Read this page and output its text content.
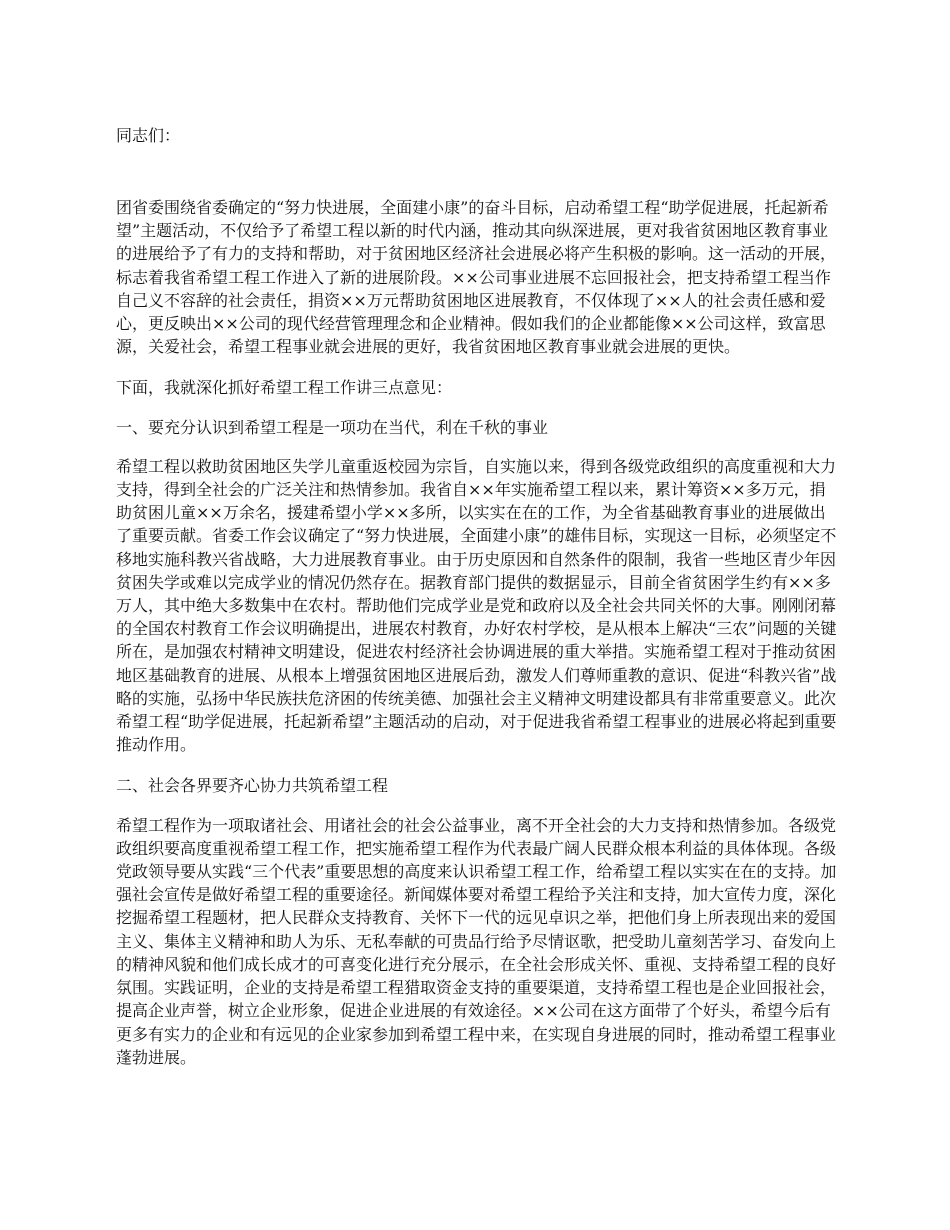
同志们：

团省委围绕省委确定的“努力快进展，全面建小康”的奋斗目标，启动希望工程“助学促进展，托起新希望”主题活动，不仅给予了希望工程以新的时代内涵，推动其向纵深进展，更对我省贫困地区教育事业的进展给予了有力的支持和帮助，对于贫困地区经济社会进展必将产生积极的影响。这一活动的开展，标志着我省希望工程工作进入了新的进展阶段。××公司事业进展不忘回报社会，把支持希望工程当作自己义不容辞的社会责任，捐资××万元帮助贫困地区进展教育，不仅体现了××人的社会责任感和爱心，更反映出××公司的现代经营管理理念和企业精神。假如我们的企业都能像××公司这样，致富思源，关爱社会，希望工程事业就会进展的更好，我省贫困地区教育事业就会进展的更快。

下面，我就深化抓好希望工程工作讲三点意见：

一、要充分认识到希望工程是一项功在当代，利在千秋的事业

希望工程以救助贫困地区失学儿童重返校园为宗旨，自实施以来，得到各级党政组织的高度重视和大力支持，得到全社会的广泛关注和热情参加。我省自××年实施希望工程以来，累计筹资××多万元，捐助贫困儿童××万余名，援建希望小学××多所，以实实在在的工作，为全省基础教育事业的进展做出了重要贡献。省委工作会议确定了“努力快进展，全面建小康”的雄伟目标，实现这一目标，必须坚定不移地实施科教兴省战略，大力进展教育事业。由于历史原因和自然条件的限制，我省一些地区青少年因贫困失学或难以完成学业的情况仍然存在。据教育部门提供的数据显示，目前全省贫困学生约有××多万人，其中绝大多数集中在农村。帮助他们完成学业是党和政府以及全社会共同关怀的大事。刚刚闭幕的全国农村教育工作会议明确提出，进展农村教育，办好农村学校，是从根本上解决“三农”问题的关键所在，是加强农村精神文明建设，促进农村经济社会协调进展的重大举措。实施希望工程对于推动贫困地区基础教育的进展、从根本上增强贫困地区进展后劲，激发人们尊师重教的意识、促进“科教兴省”战略的实施，弘扬中华民族扶危济困的传统美德、加强社会主义精神文明建设都具有非常重要意义。此次希望工程“助学促进展，托起新希望”主题活动的启动，对于促进我省希望工程事业的进展必将起到重要推动作用。

二、社会各界要齐心协力共筑希望工程

希望工程作为一项取诸社会、用诸社会的社会公益事业，离不开全社会的大力支持和热情参加。各级党政组织要高度重视希望工程工作，把实施希望工程作为代表最广阔人民群众根本利益的具体体现。各级党政领导要从实践“三个代表”重要思想的高度来认识希望工程工作，给希望工程以实实在在的支持。加强社会宣传是做好希望工程的重要途径。新闻媒体要对希望工程给予关注和支持，加大宣传力度，深化挖掘希望工程题材，把人民群众支持教育、关怀下一代的远见卓识之举，把他们身上所表现出来的爱国主义、集体主义精神和助人为乐、无私奉献的可贵品行给予尽情讴歌，把受助儿童刻苦学习、奋发向上的精神风貌和他们成长成才的可喜变化进行充分展示，在全社会形成关怀、重视、支持希望工程的良好氛围。实践证明，企业的支持是希望工程猎取资金支持的重要渠道，支持希望工程也是企业回报社会，提高企业声誉，树立企业形象，促进企业进展的有效途径。××公司在这方面带了个好头，希望今后有更多有实力的企业和有远见的企业家参加到希望工程中来，在实现自身进展的同时，推动希望工程事业蓬勃进展。
